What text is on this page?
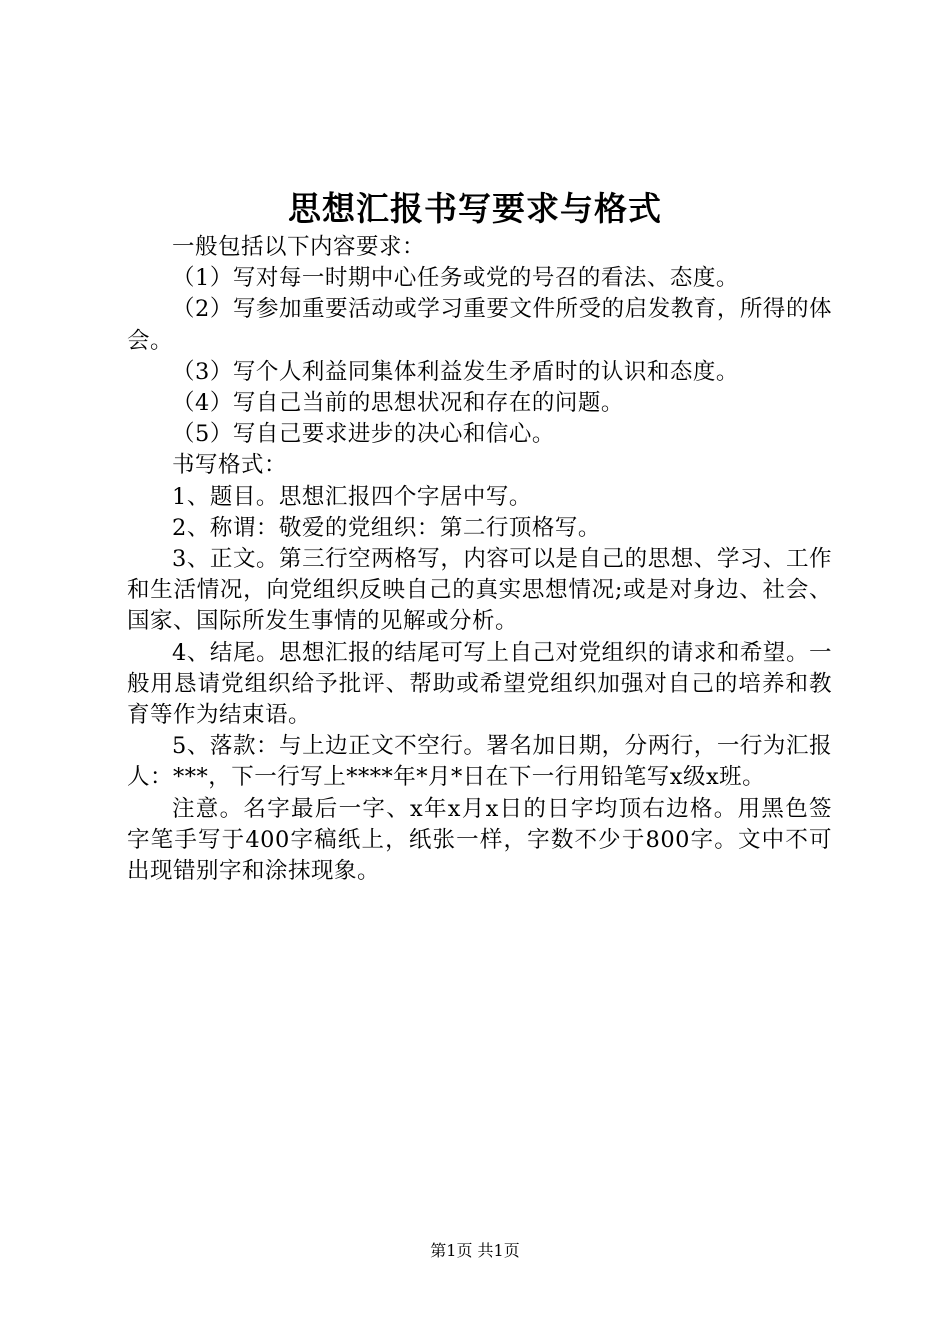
思想汇报书写要求与格式

一般包括以下内容要求：

（1）写对每一时期中心任务或党的号召的看法、态度。

（2）写参加重要活动或学习重要文件所受的启发教育，所得的体会。

（3）写个人利益同集体利益发生矛盾时的认识和态度。

（4）写自己当前的思想状况和存在的问题。

（5）写自己要求进步的决心和信心。

书写格式：

1、题目。思想汇报四个字居中写。

2、称谓：敬爱的党组织：第二行顶格写。

3、正文。第三行空两格写，内容可以是自己的思想、学习、工作和生活情况，向党组织反映自己的真实思想情况;或是对身边、社会、国家、国际所发生事情的见解或分析。

4、结尾。思想汇报的结尾可写上自己对党组织的请求和希望。一般用恳请党组织给予批评、帮助或希望党组织加强对自己的培养和教育等作为结束语。

5、落款：与上边正文不空行。署名加日期，分两行，一行为汇报人：***，下一行写上****年*月*日在下一行用铅笔写x级x班。

注意。名字最后一字、x年x月x日的日字均顶右边格。用黑色签字笔手写于400字稿纸上，纸张一样，字数不少于800字。文中不可出现错别字和涂抹现象。

第1页 共1页
